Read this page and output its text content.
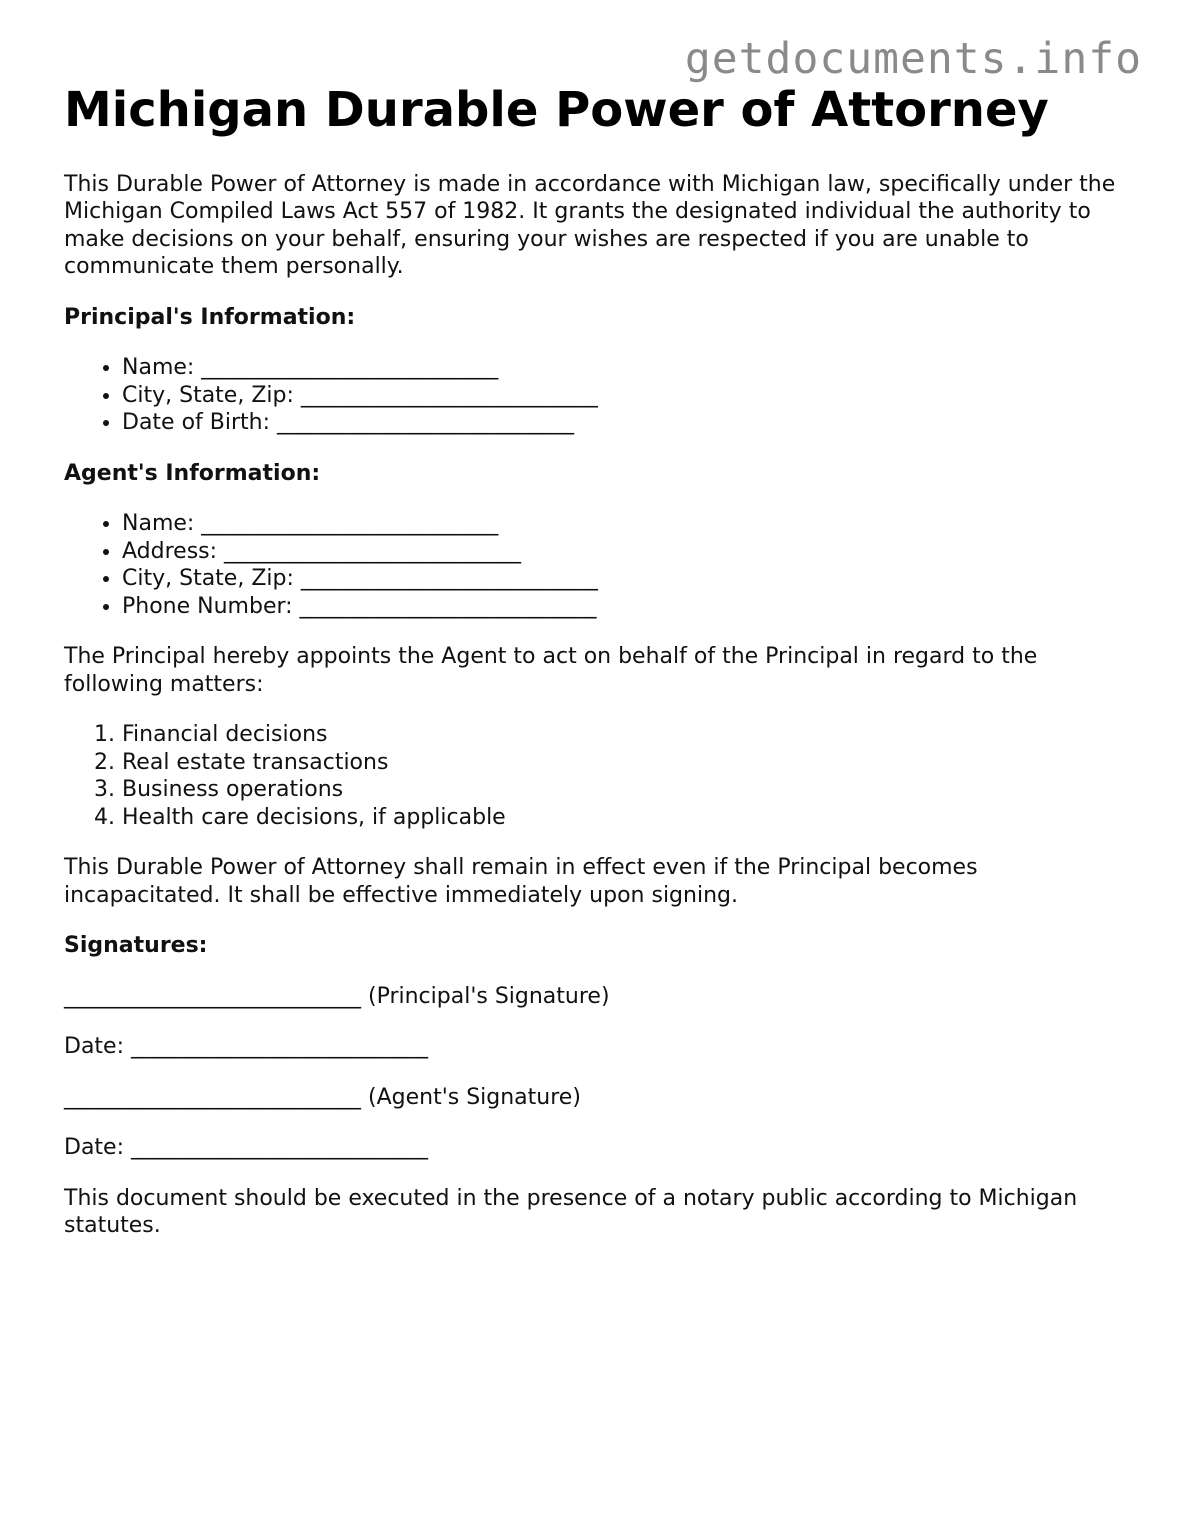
getdocuments.info
Michigan Durable Power of Attorney

This Durable Power of Attorney is made in accordance with Michigan law, specifically under the Michigan Compiled Laws Act 557 of 1982. It grants the designated individual the authority to make decisions on your behalf, ensuring your wishes are respected if you are unable to communicate them personally.

Principal's Information:

• Name: ___________________________
• City, State, Zip: ___________________________
• Date of Birth: ___________________________

Agent's Information:

• Name: ___________________________
• Address: ___________________________
• City, State, Zip: ___________________________
• Phone Number: ___________________________

The Principal hereby appoints the Agent to act on behalf of the Principal in regard to the following matters:

1. Financial decisions
2. Real estate transactions
3. Business operations
4. Health care decisions, if applicable

This Durable Power of Attorney shall remain in effect even if the Principal becomes incapacitated. It shall be effective immediately upon signing.

Signatures:

___________________________ (Principal's Signature)

Date: ___________________________

___________________________ (Agent's Signature)

Date: ___________________________

This document should be executed in the presence of a notary public according to Michigan statutes.
